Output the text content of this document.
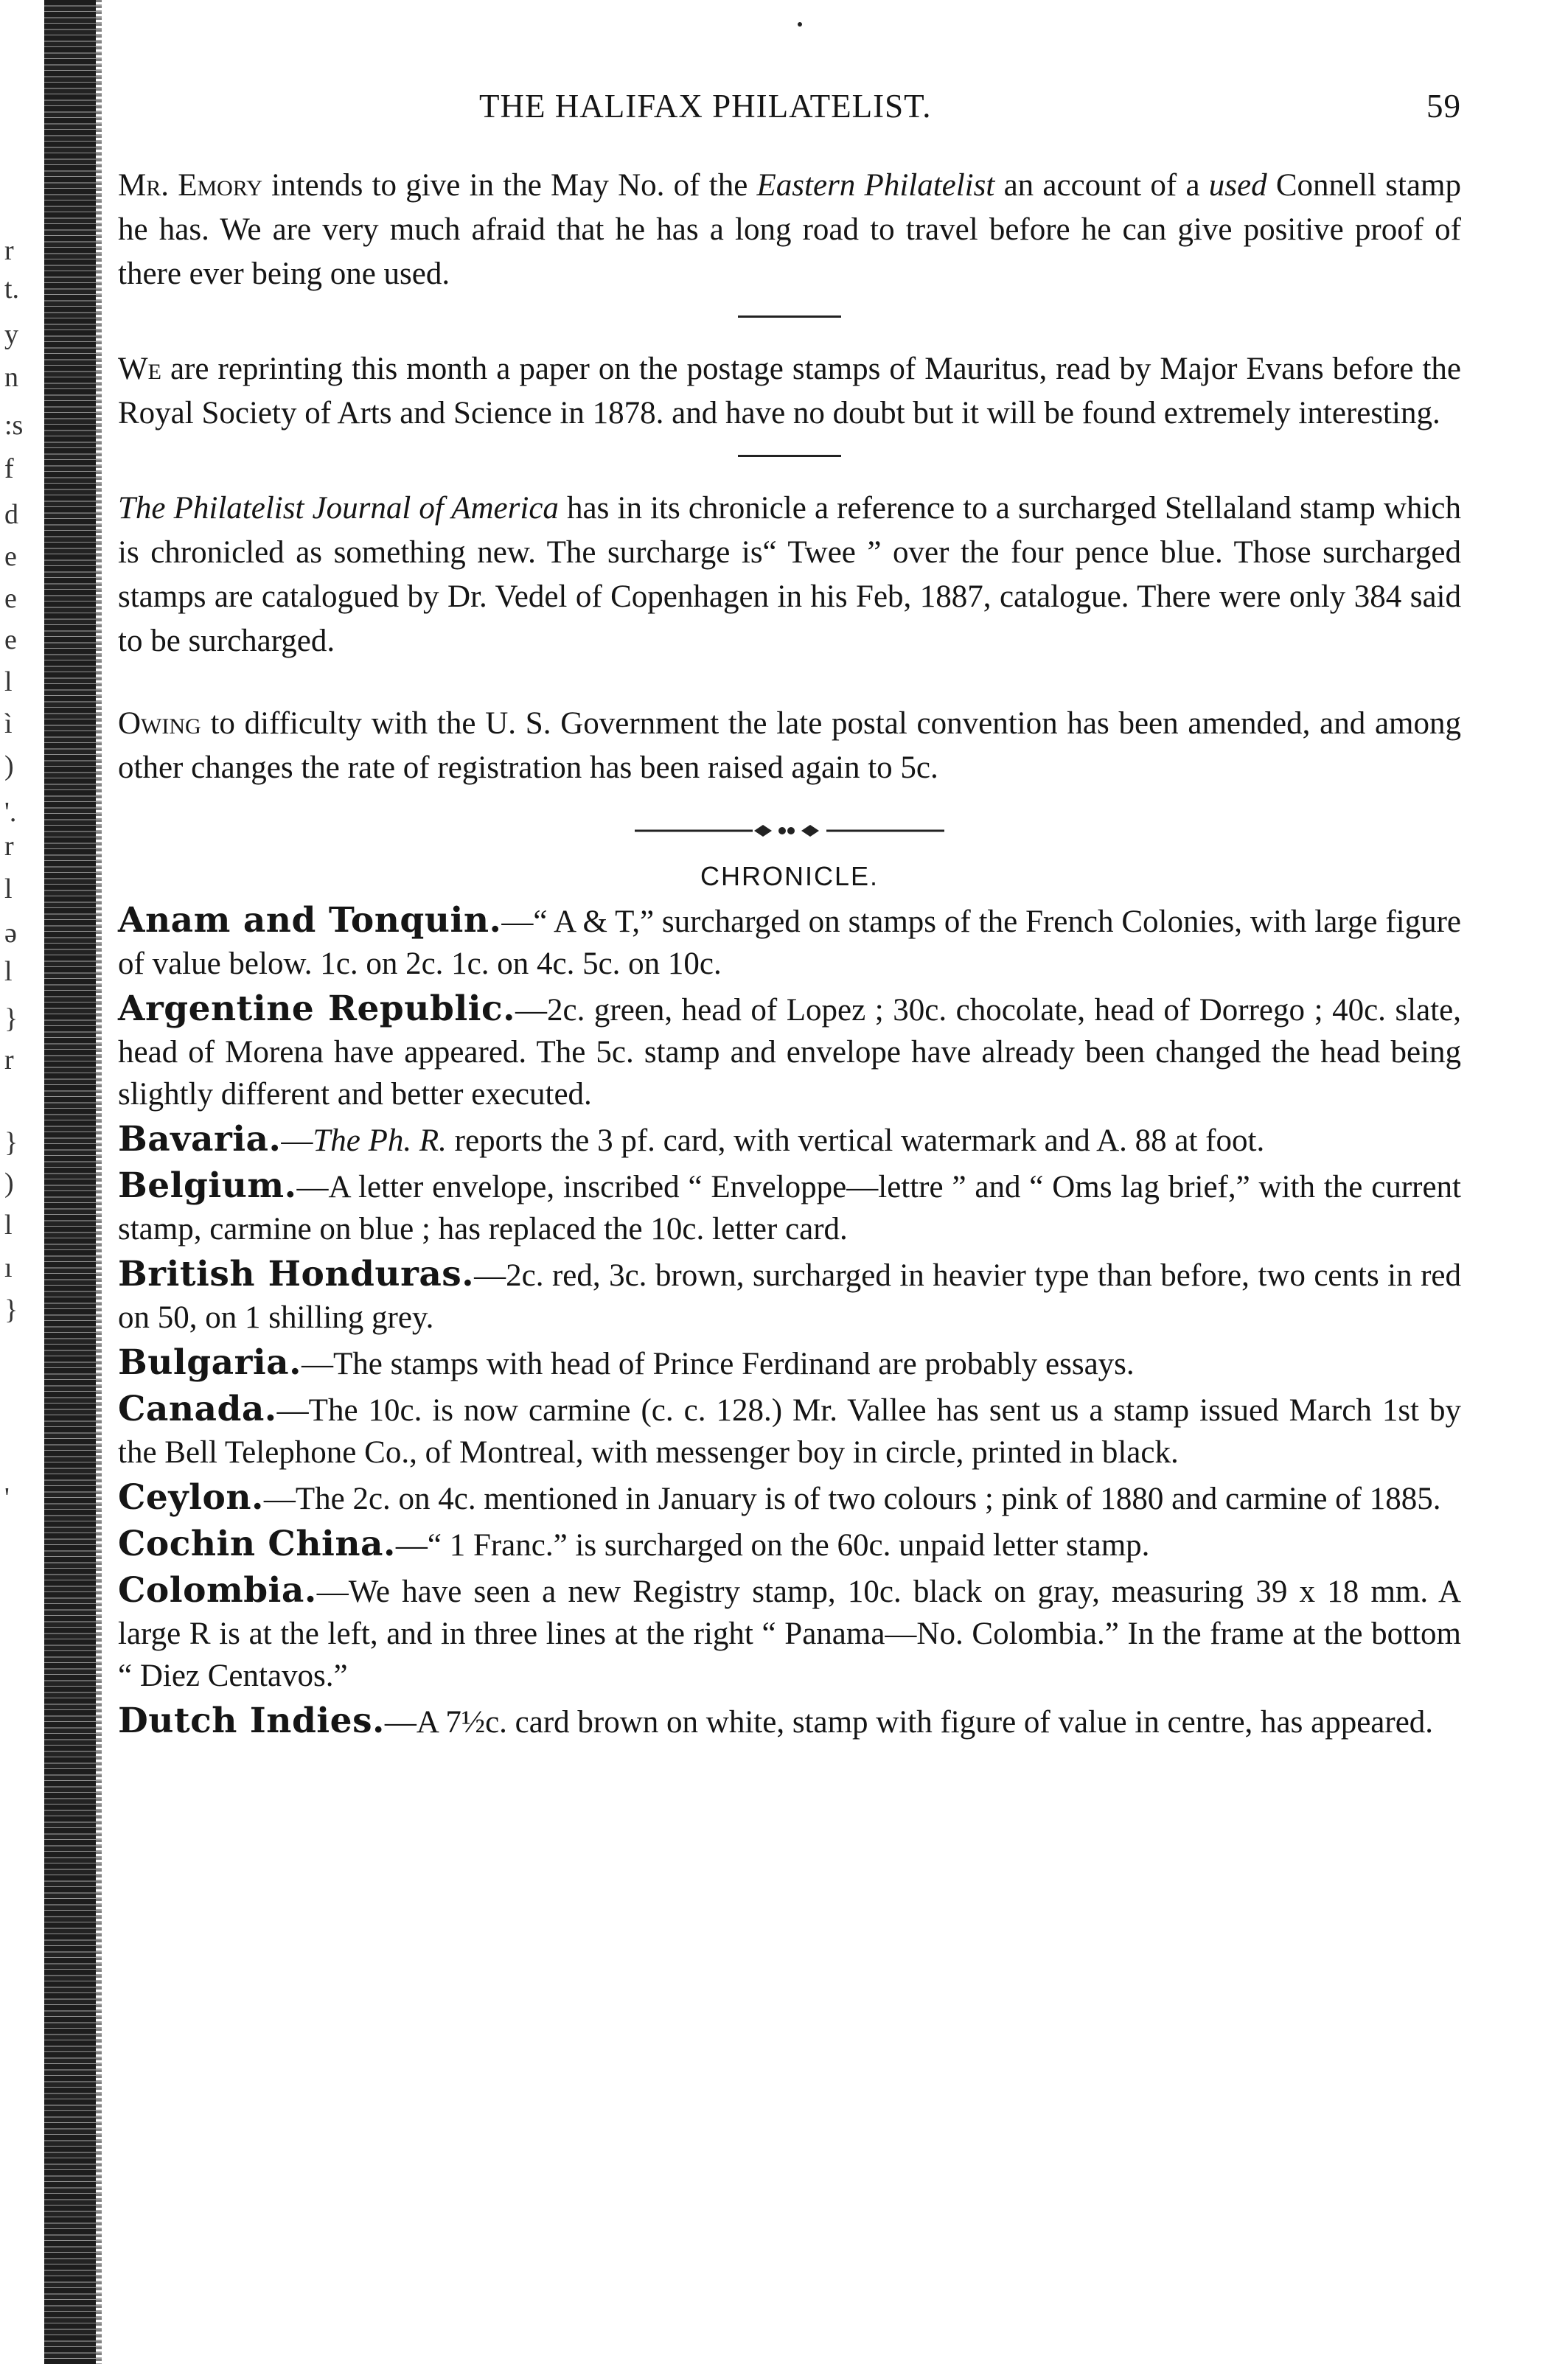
r
t.
y
n
:s
f
d
e
e
e
l
ì
)
'.
r
l
ǝ
l
}
r
}
)
l
ı
}
'
THE HALIFAX PHILATELIST.	59

Mr. Emory intends to give in the May No. of the Eastern Philatelist an account of a used Connell stamp he has. We are very much afraid that he has a long road to travel before he can give positive proof of there ever being one used.

We are reprinting this month a paper on the postage stamps of Mauritus, read by Major Evans before the Royal Society of Arts and Science in 1878. and have no doubt but it will be found extremely interesting.

The Philatelist Journal of America has in its chronicle a reference to a surcharged Stellaland stamp which is chronicled as something new. The surcharge is“ Twee ” over the four pence blue. Those surcharged stamps are catalogued by Dr. Vedel of Copenhagen in his Feb, 1887, catalogue. There were only 384 said to be surcharged.

Owing to difficulty with the U. S. Government the late postal convention has been amended, and among other changes the rate of registration has been raised again to 5c.

CHRONICLE.

Anam and Tonquin.—“ A & T,” surcharged on stamps of the French Colonies, with large figure of value below. 1c. on 2c. 1c. on 4c. 5c. on 10c.

Argentine Republic.—2c. green, head of Lopez ; 30c. chocolate, head of Dorrego ; 40c. slate, head of Morena have appeared. The 5c. stamp and envelope have already been changed the head being slightly different and better executed.

Bavaria.—The Ph. R. reports the 3 pf. card, with vertical watermark and A. 88 at foot.

Belgium.—A letter envelope, inscribed “ Enveloppe—lettre ” and “ Oms lag brief,” with the current stamp, carmine on blue ; has replaced the 10c. letter card.

British Honduras.—2c. red, 3c. brown, surcharged in heavier type than before, two cents in red on 50, on 1 shilling grey.

Bulgaria.—The stamps with head of Prince Ferdinand are probably essays.

Canada.—The 10c. is now carmine (c. c. 128.) Mr. Vallee has sent us a stamp issued March 1st by the Bell Telephone Co., of Montreal, with messenger boy in circle, printed in black.

Ceylon.—The 2c. on 4c. mentioned in January is of two colours ; pink of 1880 and carmine of 1885.

Cochin China.—“ 1 Franc.” is surcharged on the 60c. unpaid letter stamp.

Colombia.—We have seen a new Registry stamp, 10c. black on gray, measuring 39 x 18 mm. A large R is at the left, and in three lines at the right “ Panama—No. Colombia.” In the frame at the bottom “ Diez Centavos.”

Dutch Indies.—A 7½c. card brown on white, stamp with figure of value in centre, has appeared.
